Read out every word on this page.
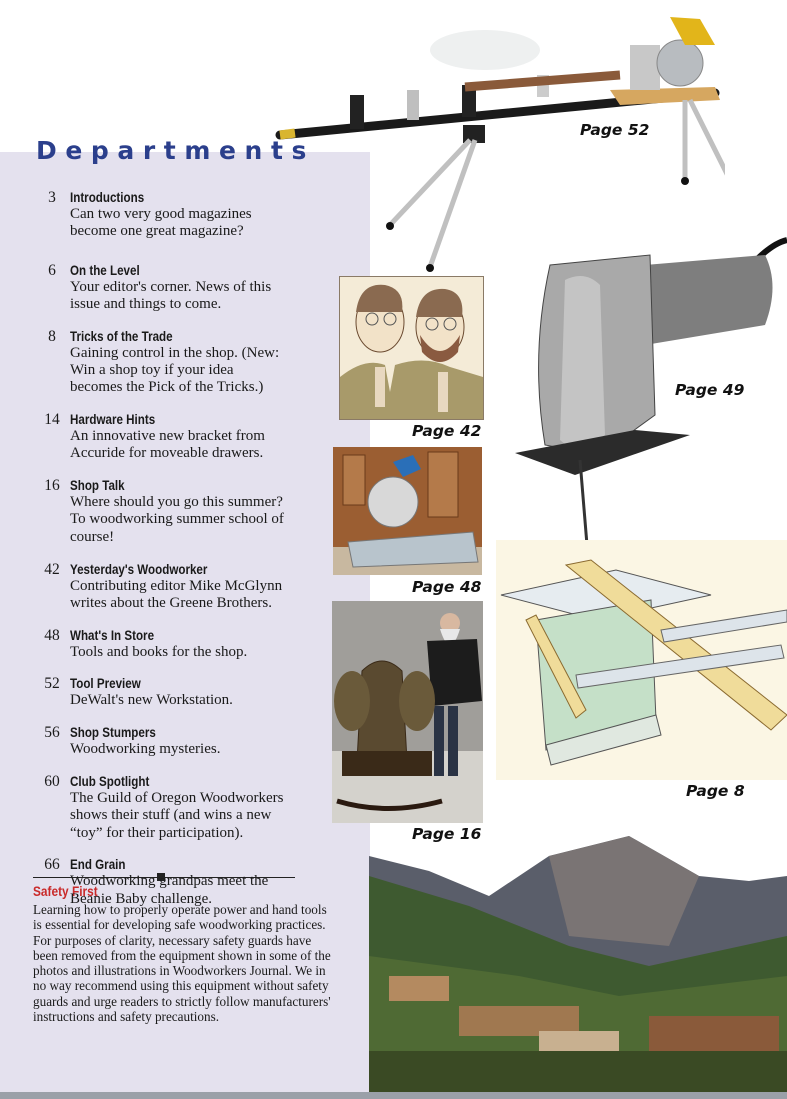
Departments
3	Introductions
Can two very good magazines become one great magazine?
6	On the Level
Your editor's corner. News of this issue and things to come.
8	Tricks of the Trade
Gaining control in the shop. (New: Win a shop toy if your idea becomes the Pick of the Tricks.)
14 Hardware Hints
An innovative new bracket from Accuride for moveable drawers.
16 Shop Talk
Where should you go this summer? To woodworking summer school of course!
42 Yesterday's Woodworker
Contributing editor Mike McGlynn writes about the Greene Brothers.
48 What's In Store
Tools and books for the shop.
52 Tool Preview
DeWalt's new Workstation.
56 Shop Stumpers
Woodworking mysteries.
60 Club Spotlight
The Guild of Oregon Woodworkers shows their stuff (and wins a new “toy” for their participation).
66 End Grain
Woodworking grandpas meet the Beanie Baby challenge.
Safety First
Learning how to properly operate power and hand tools is essential for developing safe woodworking practices. For purposes of clarity, necessary safety guards have been removed from the equipment shown in some of the photos and illustrations in Woodworkers Journal. We in no way recommend using this equipment without safety guards and urge readers to strictly follow manufacturers' instructions and safety precautions.
Page 52
Page 42
Page 49
Page 48
Page 8
Page 16
